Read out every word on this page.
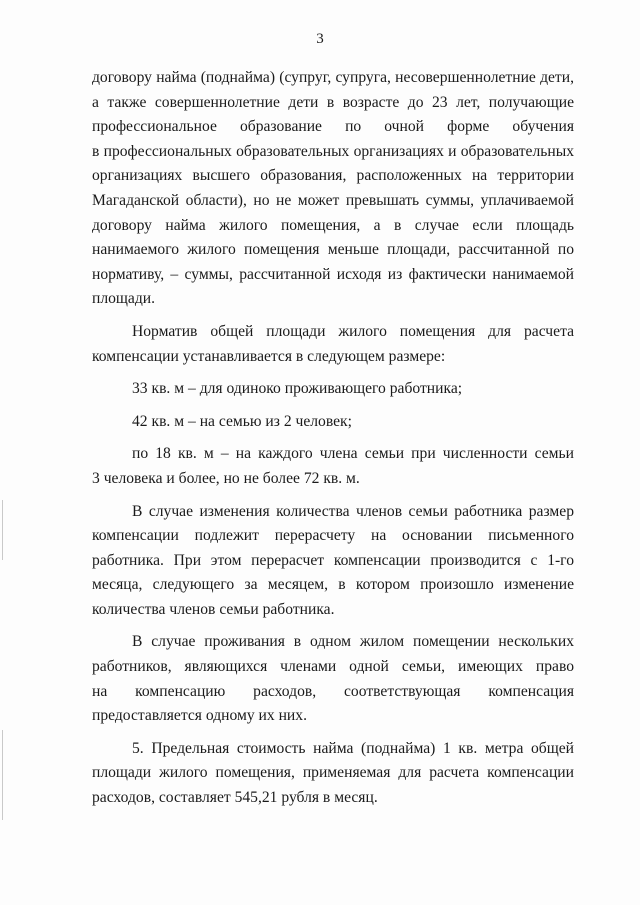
3
договору найма (поднайма) (супруг, супруга, несовершеннолетние дети,
а также совершеннолетние дети в возрасте до 23 лет, получающие
профессиональное образование по очной форме обучения
в профессиональных образовательных организациях и образовательных
организациях высшего образования, расположенных на территории
Магаданской области), но не может превышать суммы, уплачиваемой
договору найма жилого помещения, а в случае если площадь
нанимаемого жилого помещения меньше площади, рассчитанной по
нормативу, – суммы, рассчитанной исходя из фактически нанимаемой
площади.
Норматив общей площади жилого помещения для расчета
компенсации устанавливается в следующем размере:
33 кв. м – для одиноко проживающего работника;
42 кв. м – на семью из 2 человек;
по 18 кв. м – на каждого члена семьи при численности семьи
3 человека и более, но не более 72 кв. м.
В случае изменения количества членов семьи работника размер
компенсации подлежит перерасчету на основании письменного
работника. При этом перерасчет компенсации производится с 1-го
месяца, следующего за месяцем, в котором произошло изменение
количества членов семьи работника.
В случае проживания в одном жилом помещении нескольких
работников, являющихся членами одной семьи, имеющих право
на компенсацию расходов, соответствующая компенсация
предоставляется одному их них.
5. Предельная стоимость найма (поднайма) 1 кв. метра общей
площади жилого помещения, применяемая для расчета компенсации
расходов, составляет 545,21 рубля в месяц.
